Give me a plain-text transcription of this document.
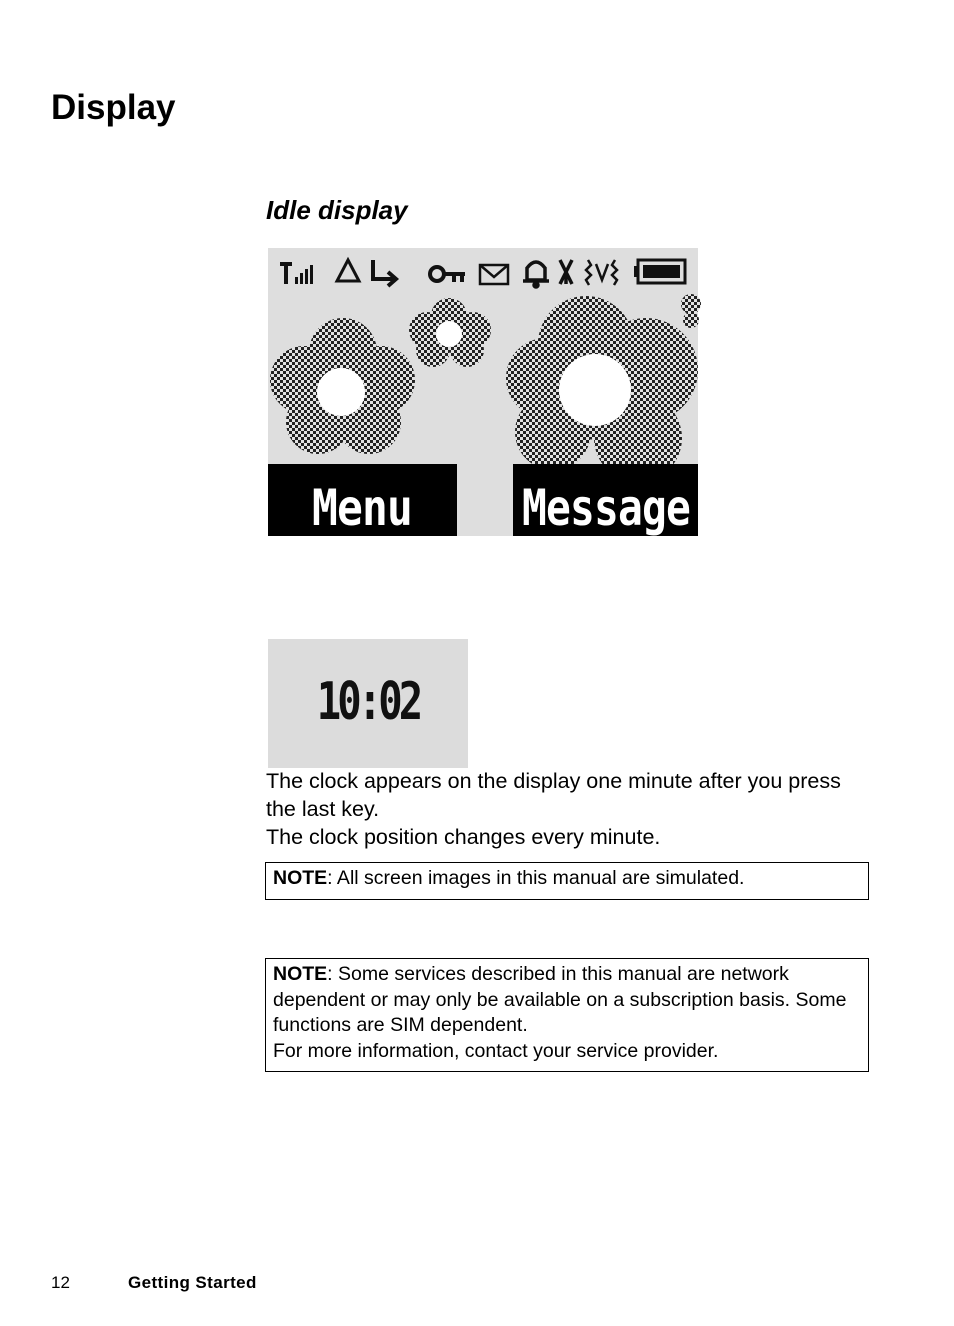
Display
Idle display
Menu Message
10:02

The clock appears on the display one minute after you press the last key.

The clock position changes every minute.

NOTE: All screen images in this manual are simulated.
NOTE: Some services described in this manual are network dependent or may only be available on a subscription basis. Some functions are SIM dependent.
For more information, contact your service provider.
12	Getting Started
